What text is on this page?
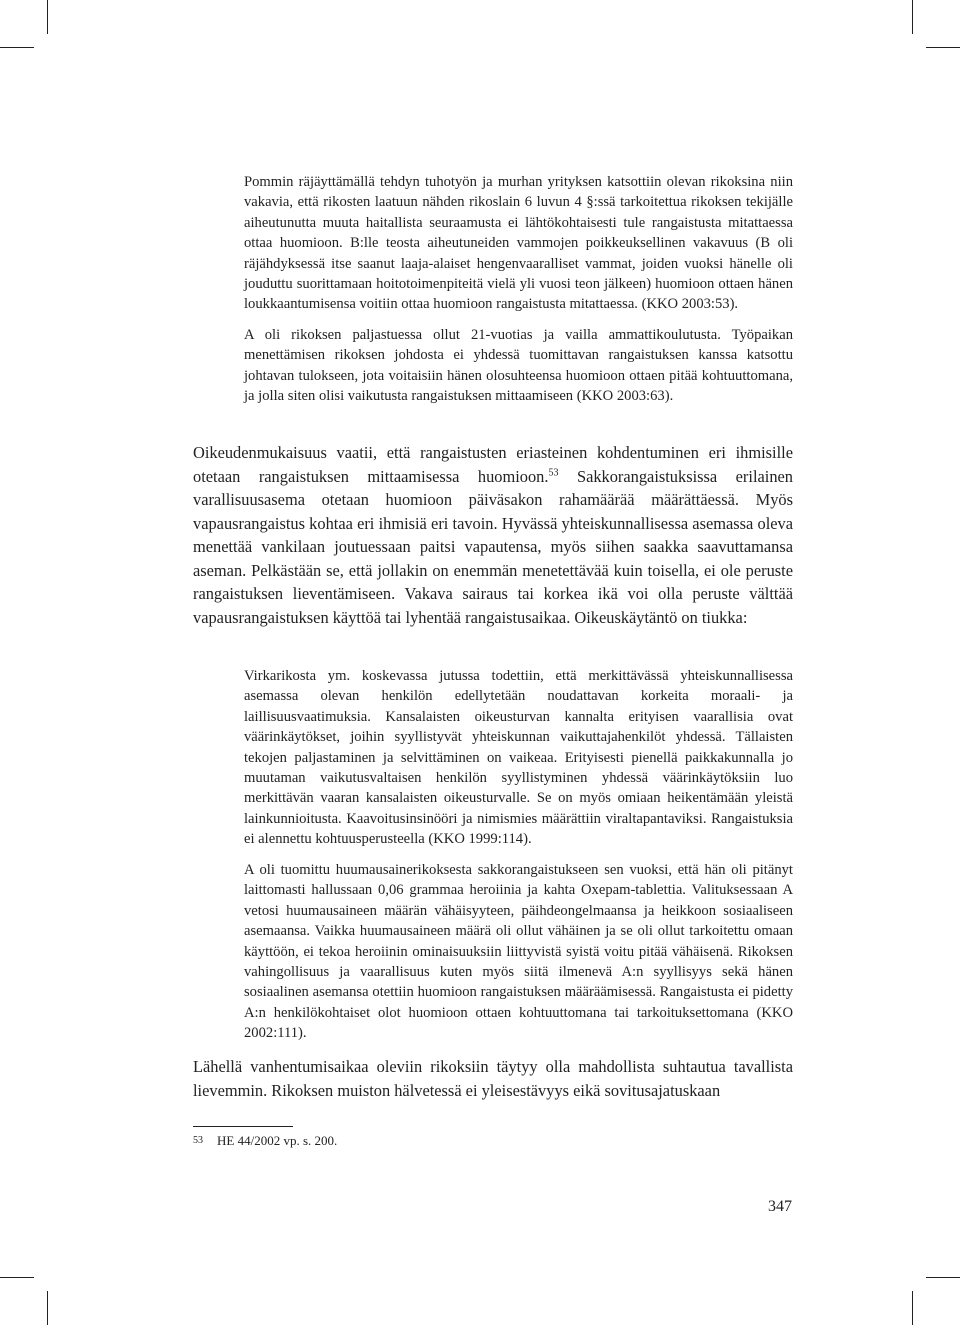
Pommin räjäyttämällä tehdyn tuhotyön ja murhan yrityksen katsottiin olevan rikoksina niin vakavia, että rikosten laatuun nähden rikoslain 6 luvun 4 §:ssä tarkoitettua rikoksen tekijälle aiheutunutta muuta haitallista seuraamusta ei lähtökohtaisesti tule rangaistusta mitattaessa ottaa huomioon. B:lle teosta aiheutuneiden vammojen poikkeuksellinen vakavuus (B oli räjähdyksessä itse saanut laaja-alaiset hengenvaaralliset vammat, joiden vuoksi hänelle oli jouduttu suorittamaan hoitotoimenpiteitä vielä yli vuosi teon jälkeen) huomioon ottaen hänen loukkaantumisensa voitiin ottaa huomioon rangaistusta mitattaessa. (KKO 2003:53).

A oli rikoksen paljastuessa ollut 21-vuotias ja vailla ammattikoulutusta. Työpaikan menettämisen rikoksen johdosta ei yhdessä tuomittavan rangaistuksen kanssa katsottu johtavan tulokseen, jota voitaisiin hänen olosuhteensa huomioon ottaen pitää kohtuuttomana, ja jolla siten olisi vaikutusta rangaistuksen mittaamiseen (KKO 2003:63).

Oikeudenmukaisuus vaatii, että rangaistusten eriasteinen kohdentuminen eri ihmisille otetaan rangaistuksen mittaamisessa huomioon.$^{53}$ Sakkorangaistuksissa erilainen varallisuusasema otetaan huomioon päiväsakon rahamäärää määrättäessä. Myös vapausrangaistus kohtaa eri ihmisiä eri tavoin. Hyvässä yhteiskunnallisessa asemassa oleva menettää vankilaan joutuessaan paitsi vapautensa, myös siihen saakka saavuttamansa aseman. Pelkästään se, että jollakin on enemmän menetettävää kuin toisella, ei ole peruste rangaistuksen lieventämiseen. Vakava sairaus tai korkea ikä voi olla peruste välttää vapausrangaistuksen käyttöä tai lyhentää rangaistusaikaa. Oikeuskäytäntö on tiukka:

Virkarikosta ym. koskevassa jutussa todettiin, että merkittävässä yhteiskunnallisessa asemassa olevan henkilön edellytetään noudattavan korkeita moraali- ja laillisuusvaatimuksia. Kansalaisten oikeusturvan kannalta erityisen vaarallisia ovat väärinkäytökset, joihin syyllistyvät yhteiskunnan vaikuttajahenkilöt yhdessä. Tällaisten tekojen paljastaminen ja selvittäminen on vaikeaa. Erityisesti pienellä paikkakunnalla jo muutaman vaikutusvaltaisen henkilön syyllistyminen yhdessä väärinkäytöksiin luo merkittävän vaaran kansalaisten oikeusturvalle. Se on myös omiaan heikentämään yleistä lainkunnioitusta. Kaavoitusinsinööri ja nimismies määrättiin viraltapantaviksi. Rangaistuksia ei alennettu kohtuusperusteella (KKO 1999:114).

A oli tuomittu huumausainerikoksesta sakkorangaistukseen sen vuoksi, että hän oli pitänyt laittomasti hallussaan 0,06 grammaa heroiinia ja kahta Oxepam-tablettia. Valituksessaan A vetosi huumausaineen määrän vähäisyyteen, päihdeongelmaansa ja heikkoon sosiaaliseen asemaansa. Vaikka huumausaineen määrä oli ollut vähäinen ja se oli ollut tarkoitettu omaan käyttöön, ei tekoa heroiinin ominaisuuksiin liittyvistä syistä voitu pitää vähäisenä. Rikoksen vahingollisuus ja vaarallisuus kuten myös siitä ilmenevä A:n syyllisyys sekä hänen sosiaalinen asemansa otettiin huomioon rangaistuksen määräämisessä. Rangaistusta ei pidetty A:n henkilökohtaiset olot huomioon ottaen kohtuuttomana tai tarkoituksettomana (KKO 2002:111).

Lähellä vanhentumisaikaa oleviin rikoksiin täytyy olla mahdollista suhtautua tavallista lievemmin. Rikoksen muiston hälvetessä ei yleisestävyys eikä sovitusajatuskaan

53 HE 44/2002 vp. s. 200.
347
